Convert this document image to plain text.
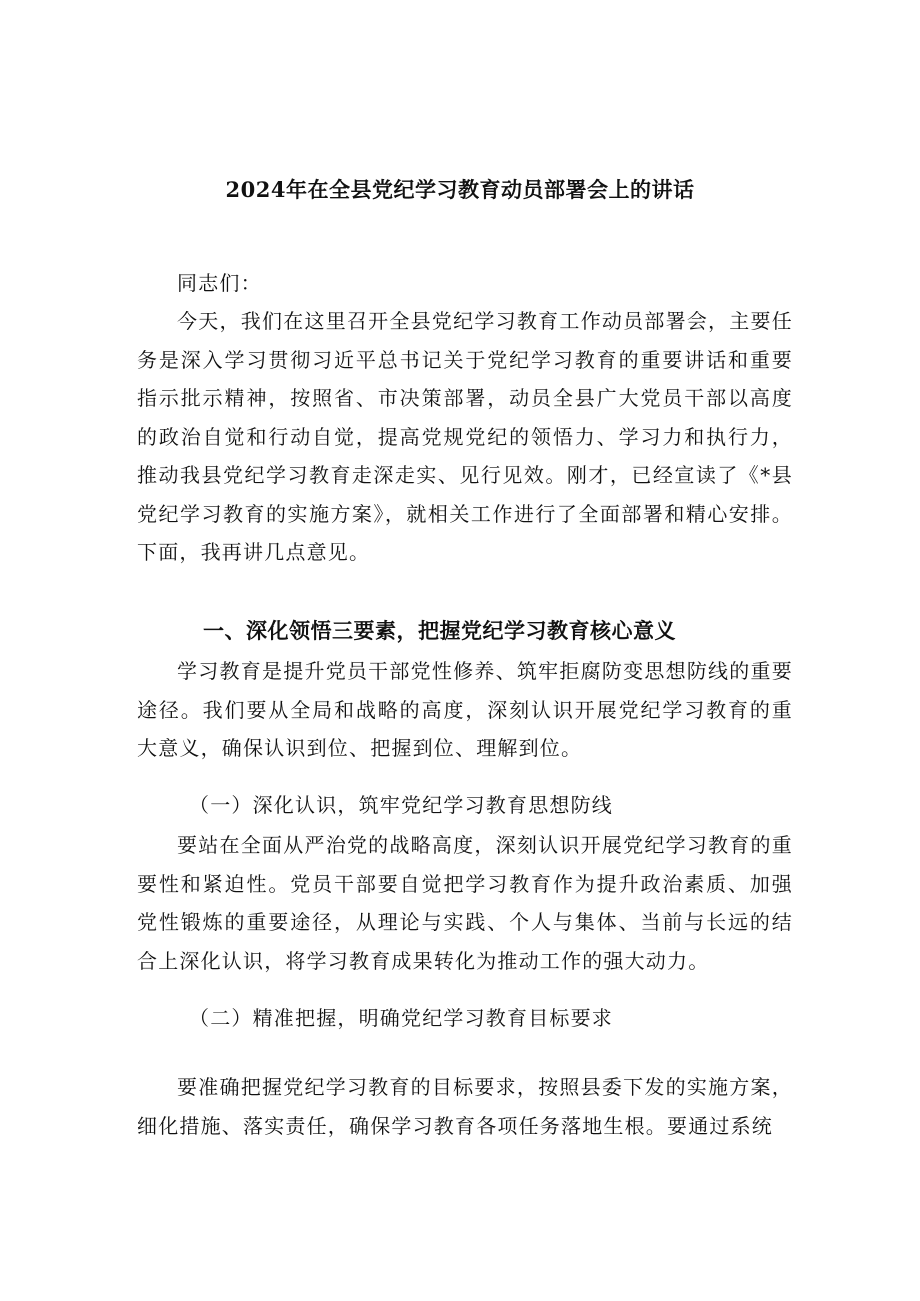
2024年在全县党纪学习教育动员部署会上的讲话

同志们：

今天，我们在这里召开全县党纪学习教育工作动员部署会，主要任务是深入学习贯彻习近平总书记关于党纪学习教育的重要讲话和重要指示批示精神，按照省、市决策部署，动员全县广大党员干部以高度的政治自觉和行动自觉，提高党规党纪的领悟力、学习力和执行力，推动我县党纪学习教育走深走实、见行见效。刚才，已经宣读了《*县党纪学习教育的实施方案》，就相关工作进行了全面部署和精心安排。下面，我再讲几点意见。

一、深化领悟三要素，把握党纪学习教育核心意义

学习教育是提升党员干部党性修养、筑牢拒腐防变思想防线的重要途径。我们要从全局和战略的高度，深刻认识开展党纪学习教育的重大意义，确保认识到位、把握到位、理解到位。

（一）深化认识，筑牢党纪学习教育思想防线

要站在全面从严治党的战略高度，深刻认识开展党纪学习教育的重要性和紧迫性。党员干部要自觉把学习教育作为提升政治素质、加强党性锻炼的重要途径，从理论与实践、个人与集体、当前与长远的结合上深化认识，将学习教育成果转化为推动工作的强大动力。

（二）精准把握，明确党纪学习教育目标要求

要准确把握党纪学习教育的目标要求，按照县委下发的实施方案，细化措施、落实责任，确保学习教育各项任务落地生根。要通过系统
